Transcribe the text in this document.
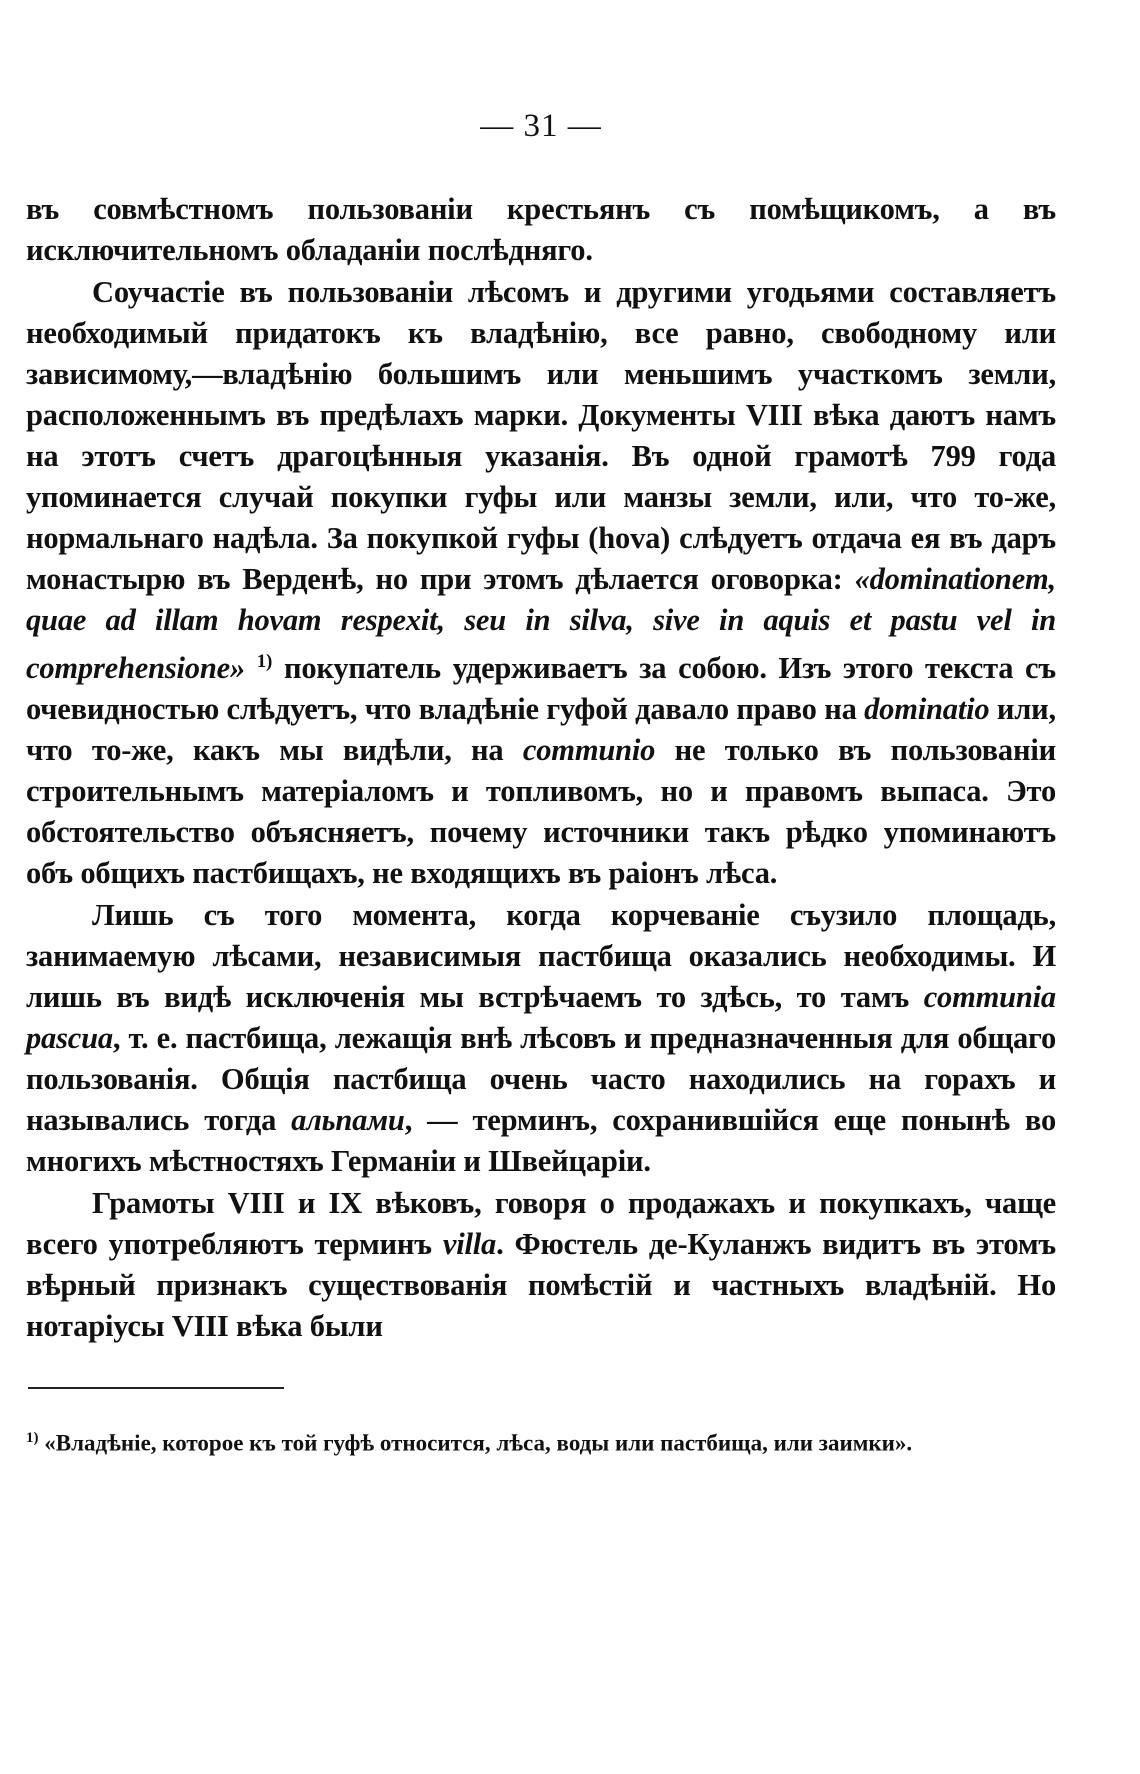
— 31 —

въ совмѣстномъ пользованіи крестьянъ съ помѣщикомъ, а въ исключительномъ обладаніи послѣдняго.

Соучастіе въ пользованіи лѣсомъ и другими угодьями составляетъ необходимый придатокъ къ владѣнію, все равно, свободному или зависимому,—владѣнію большимъ или меньшимъ участкомъ земли, расположеннымъ въ предѣлахъ марки. Документы VIII вѣка даютъ намъ на этотъ счетъ драгоцѣнныя указанія. Въ одной грамотѣ 799 года упоминается случай покупки гуфы или манзы земли, или, что то-же, нормальнаго надѣла. За покупкой гуфы (hova) слѣдуетъ отдача ея въ даръ монастырю въ Верденѣ, но при этомъ дѣлается оговорка: «dominationem, quae ad illam hovam respexit, seu in silva, sive in aquis et pastu vel in comprehensione» $^{1)}$ покупатель удерживаетъ за собою. Изъ этого текста съ очевидностью слѣдуетъ, что владѣніе гуфой давало право на dominatio или, что то-же, какъ мы видѣли, на communio не только въ пользованіи строительнымъ матеріаломъ и топливомъ, но и правомъ выпаса. Это обстоятельство объясняетъ, почему источники такъ рѣдко упоминаютъ объ общихъ пастбищахъ, не входящихъ въ раіонъ лѣса.

Лишь съ того момента, когда корчеваніе съузило площадь, занимаемую лѣсами, независимыя пастбища оказались необходимы. И лишь въ видѣ исключенія мы встрѣчаемъ то здѣсь, то тамъ communia pascua, т. е. пастбища, лежащія внѣ лѣсовъ и предназначенныя для общаго пользованія. Общія пастбища очень часто находились на горахъ и назывались тогда альпами, — терминъ, сохранившійся еще понынѣ во многихъ мѣстностяхъ Германіи и Швейцаріи.

Грамоты VIII и IX вѣковъ, говоря о продажахъ и покупкахъ, чаще всего употребляютъ терминъ villa. Фюстель де-Куланжъ видитъ въ этомъ вѣрный признакъ существованія помѣстій и частныхъ владѣній. Но нотаріусы VIII вѣка были

$^{1)}$ «Владѣніе, которое къ той гуфѣ относится, лѣса, воды или пастбища, или заимки».
